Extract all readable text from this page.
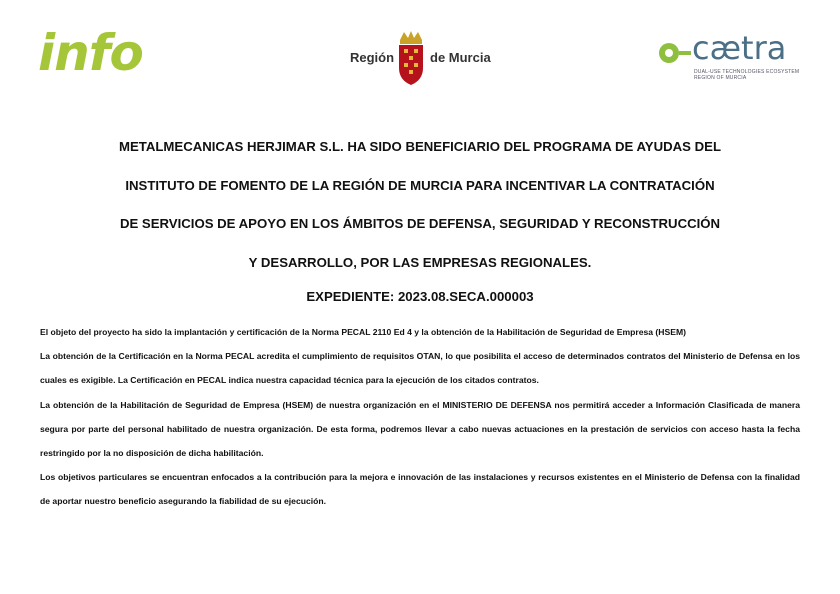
info	Región	de Murcia	cætra
DUAL-USE TECHNOLOGIES ECOSYSTEM
REGION OF MURCIA
METALMECANICAS HERJIMAR S.L. HA SIDO BENEFICIARIO DEL PROGRAMA DE AYUDAS DEL
INSTITUTO DE FOMENTO DE LA REGIÓN DE MURCIA PARA INCENTIVAR LA CONTRATACIÓN
DE SERVICIOS DE APOYO EN LOS ÁMBITOS DE DEFENSA, SEGURIDAD Y RECONSTRUCCIÓN
Y DESARROLLO, POR LAS EMPRESAS REGIONALES.
EXPEDIENTE: 2023.08.SECA.000003

El objeto del proyecto ha sido la implantación y certificación de la Norma PECAL 2110 Ed 4 y la obtención de la Habilitación de Seguridad de Empresa (HSEM)

La obtención de la Certificación en la Norma PECAL acredita el cumplimiento de requisitos OTAN, lo que posibilita el acceso de determinados contratos del Ministerio de Defensa en los cuales es exigible. La Certificación en PECAL indica nuestra capacidad técnica para la ejecución de los citados contratos.

La obtención de la Habilitación de Seguridad de Empresa (HSEM) de nuestra organización en el MINISTERIO DE DEFENSA nos permitirá acceder a Información Clasificada de manera segura por parte del personal habilitado de nuestra organización. De esta forma, podremos llevar a cabo nuevas actuaciones en la prestación de servicios con acceso hasta la fecha restringido por la no disposición de dicha habilitación.

Los objetivos particulares se encuentran enfocados a la contribución para la mejora e innovación de las instalaciones y recursos existentes en el Ministerio de Defensa con la finalidad de aportar nuestro beneficio asegurando la fiabilidad de su ejecución.
